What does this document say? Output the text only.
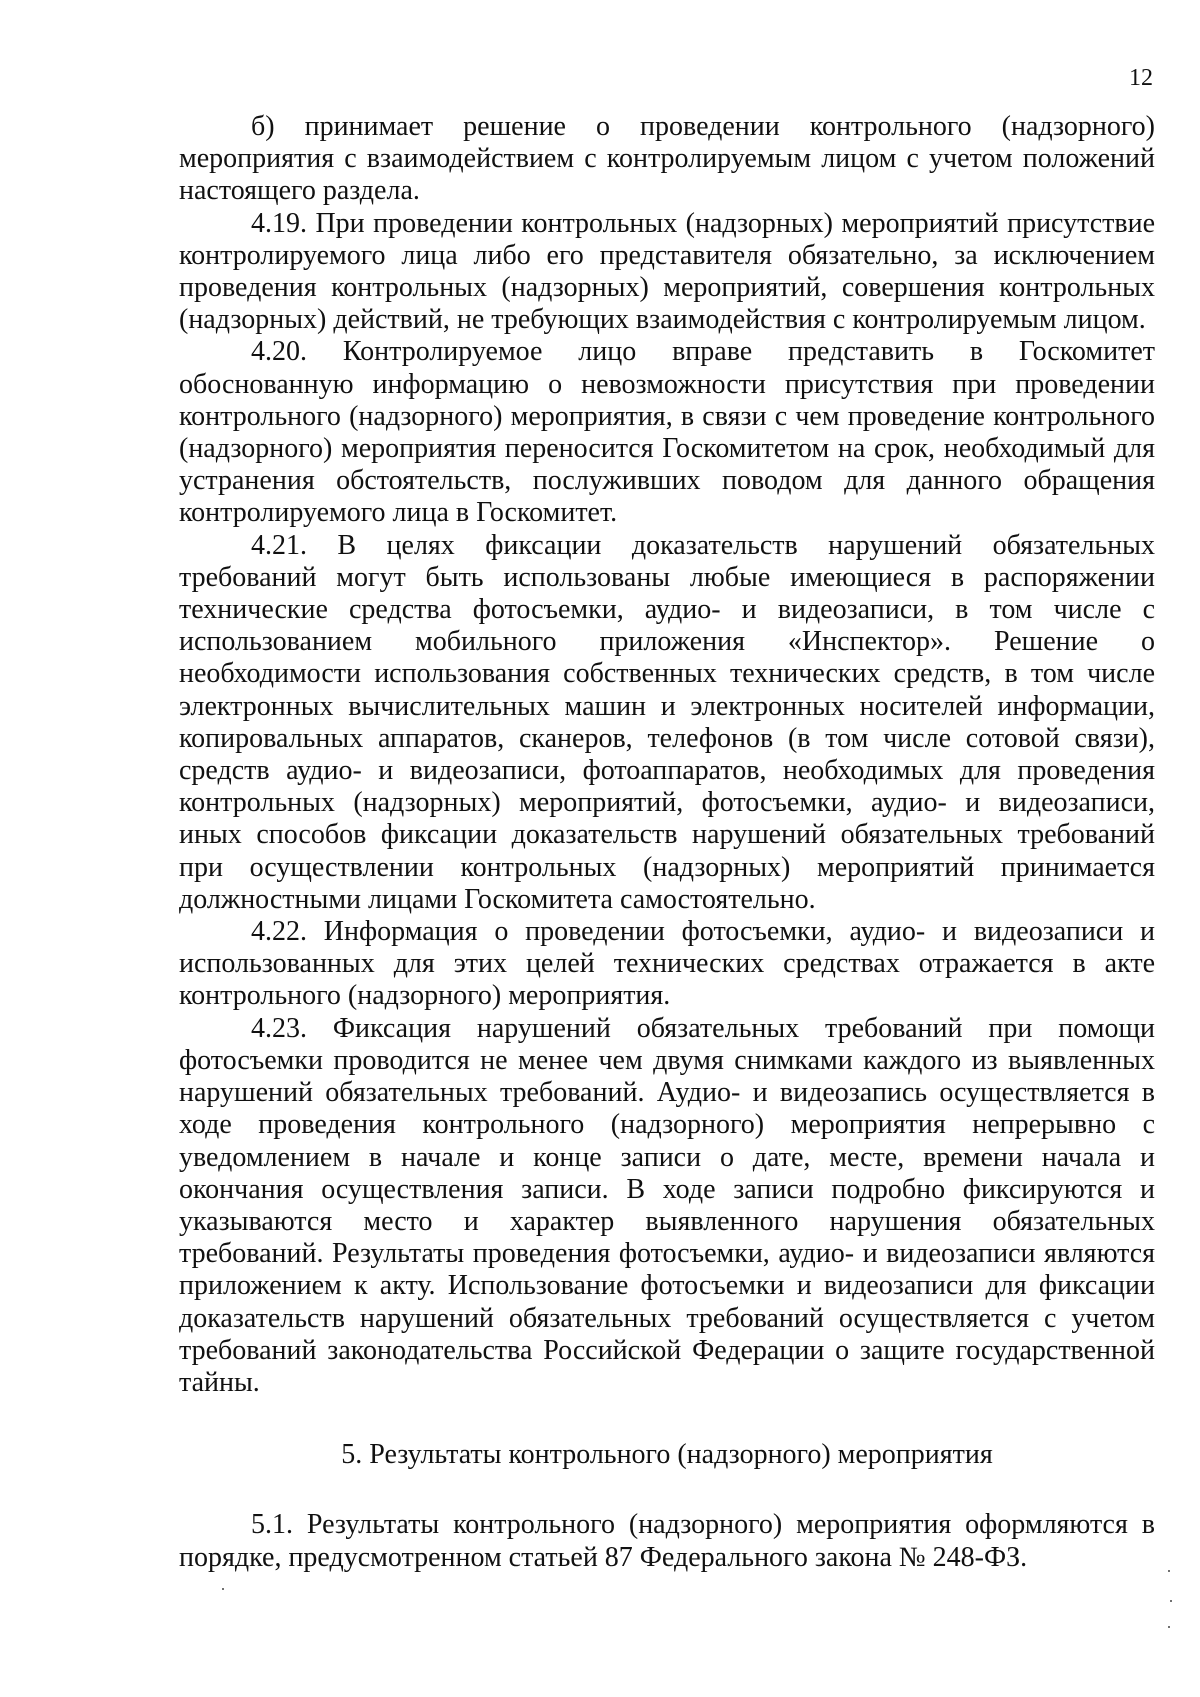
12

б) принимает решение о проведении контрольного (надзорного) мероприятия с взаимодействием с контролируемым лицом с учетом положений настоящего раздела.

4.19. При проведении контрольных (надзорных) мероприятий присутствие контролируемого лица либо его представителя обязательно, за исключением проведения контрольных (надзорных) мероприятий, совершения контрольных (надзорных) действий, не требующих взаимодействия с контролируемым лицом.

4.20. Контролируемое лицо вправе представить в Госкомитет обоснованную информацию о невозможности присутствия при проведении контрольного (надзорного) мероприятия, в связи с чем проведение контрольного (надзорного) мероприятия переносится Госкомитетом на срок, необходимый для устранения обстоятельств, послуживших поводом для данного обращения контролируемого лица в Госкомитет.

4.21. В целях фиксации доказательств нарушений обязательных требований могут быть использованы любые имеющиеся в распоряжении технические средства фотосъемки, аудио- и видеозаписи, в том числе с использованием мобильного приложения «Инспектор». Решение о необходимости использования собственных технических средств, в том числе электронных вычислительных машин и электронных носителей информации, копировальных аппаратов, сканеров, телефонов (в том числе сотовой связи), средств аудио- и видеозаписи, фотоаппаратов, необходимых для проведения контрольных (надзорных) мероприятий, фотосъемки, аудио- и видеозаписи, иных способов фиксации доказательств нарушений обязательных требований при осуществлении контрольных (надзорных) мероприятий принимается должностными лицами Госкомитета самостоятельно.

4.22. Информация о проведении фотосъемки, аудио- и видеозаписи и использованных для этих целей технических средствах отражается в акте контрольного (надзорного) мероприятия.

4.23. Фиксация нарушений обязательных требований при помощи фотосъемки проводится не менее чем двумя снимками каждого из выявленных нарушений обязательных требований. Аудио- и видеозапись осуществляется в ходе проведения контрольного (надзорного) мероприятия непрерывно с уведомлением в начале и конце записи о дате, месте, времени начала и окончания осуществления записи. В ходе записи подробно фиксируются и указываются место и характер выявленного нарушения обязательных требований. Результаты проведения фотосъемки, аудио- и видеозаписи являются приложением к акту. Использование фотосъемки и видеозаписи для фиксации доказательств нарушений обязательных требований осуществляется с учетом требований законодательства Российской Федерации о защите государственной тайны.

5. Результаты контрольного (надзорного) мероприятия

5.1. Результаты контрольного (надзорного) мероприятия оформляются в порядке, предусмотренном статьей 87 Федерального закона № 248-ФЗ.
